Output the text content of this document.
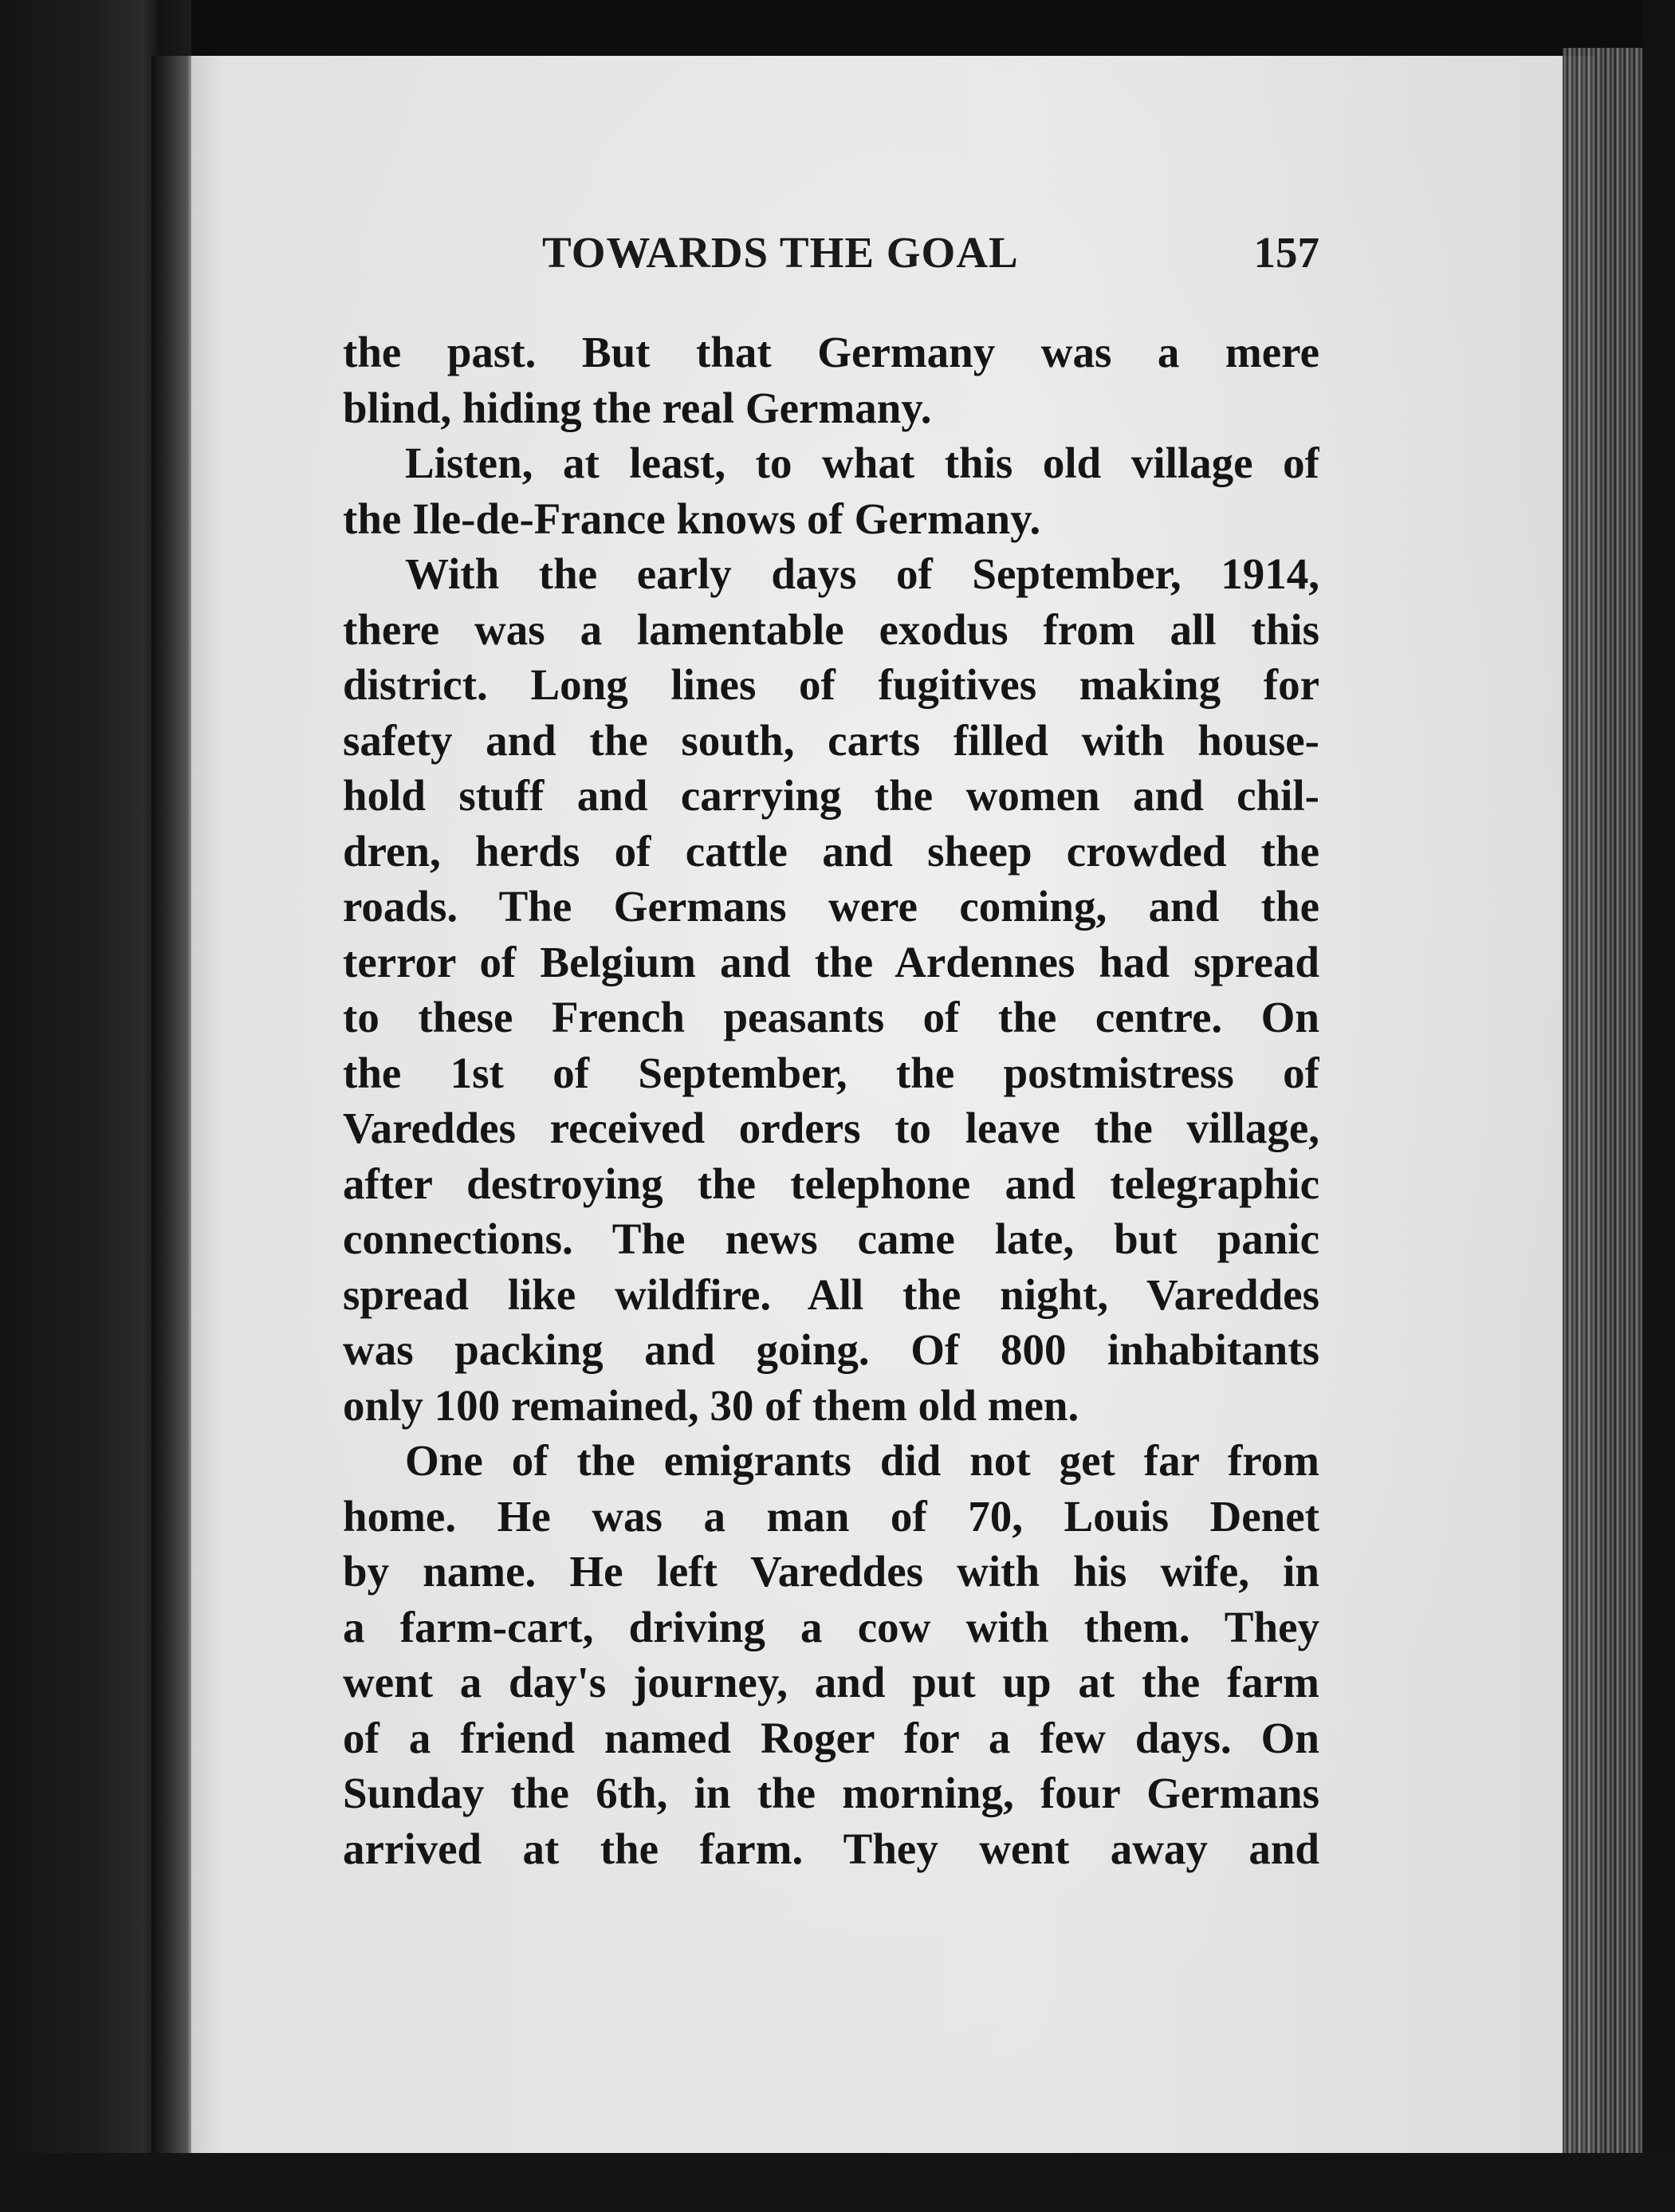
TOWARDS THE GOAL	157
the past. But that Germany was a mere
blind, hiding the real Germany.
Listen, at least, to what this old village of
the Ile-de-France knows of Germany.
With the early days of September, 1914,
there was a lamentable exodus from all this
district. Long lines of fugitives making for
safety and the south, carts filled with house-
hold stuff and carrying the women and chil-
dren, herds of cattle and sheep crowded the
roads. The Germans were coming, and the
terror of Belgium and the Ardennes had spread
to these French peasants of the centre. On
the 1st of September, the postmistress of
Vareddes received orders to leave the village,
after destroying the telephone and telegraphic
connections. The news came late, but panic
spread like wildfire. All the night, Vareddes
was packing and going. Of 800 inhabitants
only 100 remained, 30 of them old men.
One of the emigrants did not get far from
home. He was a man of 70, Louis Denet
by name. He left Vareddes with his wife, in
a farm-cart, driving a cow with them. They
went a day's journey, and put up at the farm
of a friend named Roger for a few days. On
Sunday the 6th, in the morning, four Germans
arrived at the farm. They went away and
